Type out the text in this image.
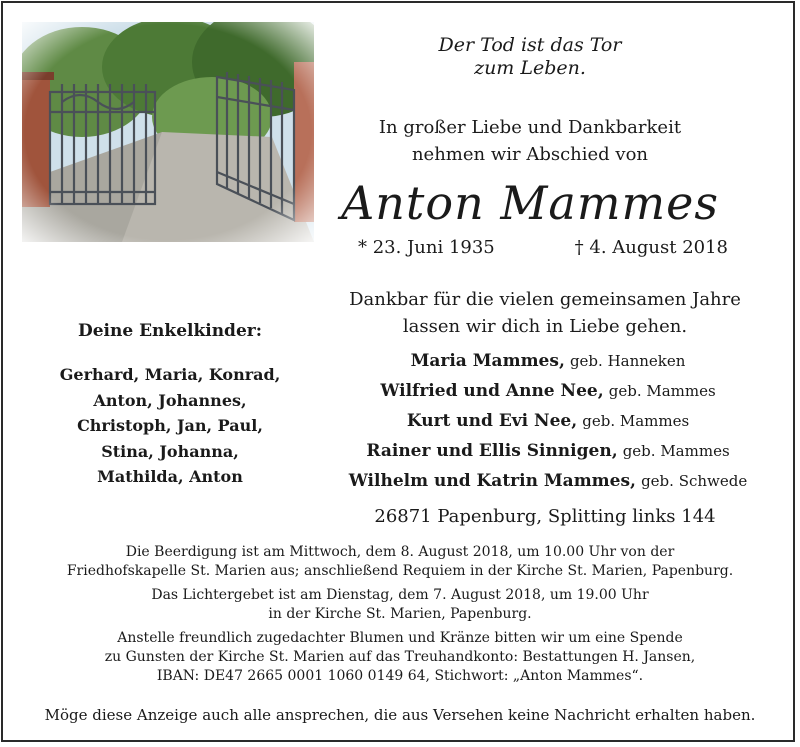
Der Tod ist das Tor
zum Leben.
In großer Liebe und Dankbarkeit
nehmen wir Abschied von
Anton Mammes
* 23. Juni 1935	† 4. August 2018
Dankbar für die vielen gemeinsamen Jahre
lassen wir dich in Liebe gehen.
Maria Mammes, geb. Hanneken
Wilfried und Anne Nee, geb. Mammes
Kurt und Evi Nee, geb. Mammes
Rainer und Ellis Sinnigen, geb. Mammes
Wilhelm und Katrin Mammes, geb. Schwede
Deine Enkelkinder:
Gerhard, Maria, Konrad,
Anton, Johannes,
Christoph, Jan, Paul,
Stina, Johanna,
Mathilda, Anton
26871 Papenburg, Splitting links 144

Die Beerdigung ist am Mittwoch, dem 8. August 2018, um 10.00 Uhr von der
Friedhofskapelle St. Marien aus; anschließend Requiem in der Kirche St. Marien, Papenburg.

Das Lichtergebet ist am Dienstag, dem 7. August 2018, um 19.00 Uhr
in der Kirche St. Marien, Papenburg.

Anstelle freundlich zugedachter Blumen und Kränze bitten wir um eine Spende
zu Gunsten der Kirche St. Marien auf das Treuhandkonto: Bestattungen H. Jansen,
IBAN: DE47 2665 0001 1060 0149 64, Stichwort: „Anton Mammes“.

Möge diese Anzeige auch alle ansprechen, die aus Versehen keine Nachricht erhalten haben.
